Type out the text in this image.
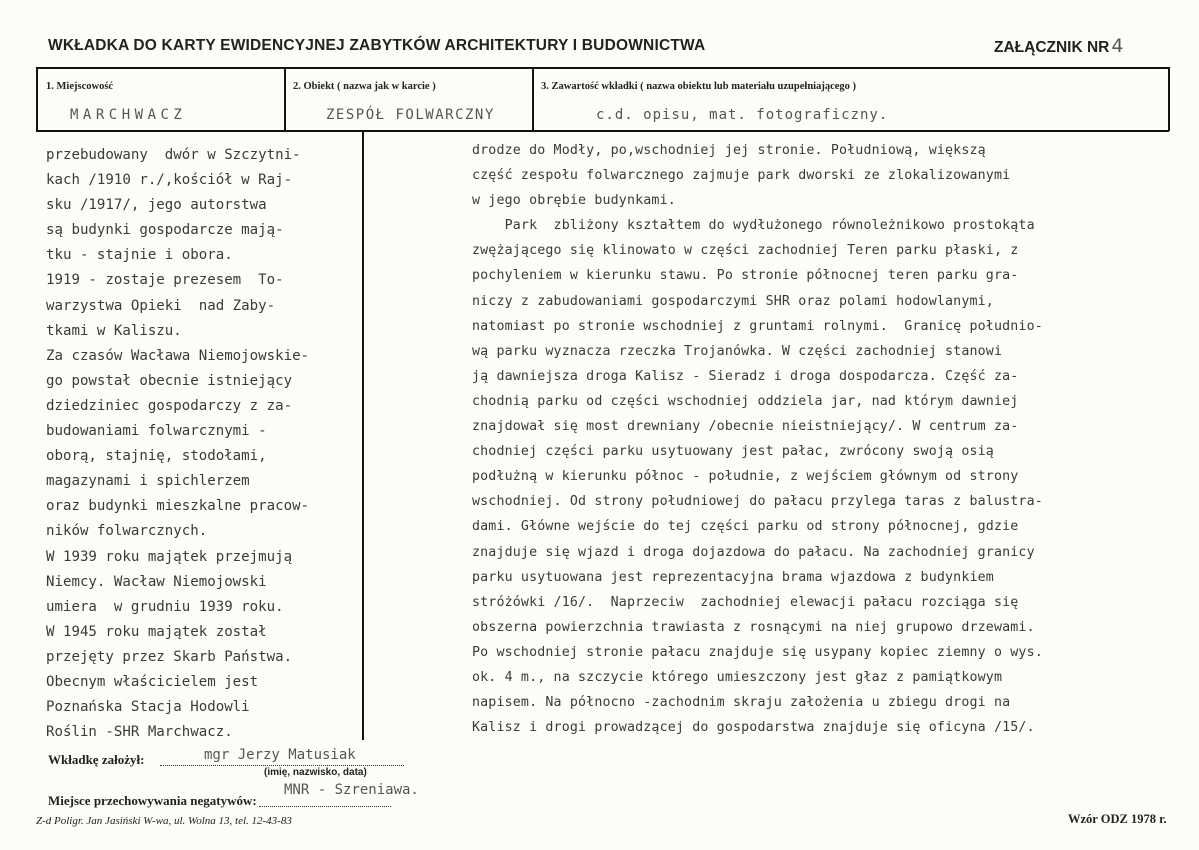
WKŁADKA DO KARTY EWIDENCYJNEJ ZABYTKÓW ARCHITEKTURY I BUDOWNICTWA	ZAŁĄCZNIK NR 4
1. Miejscowość	2. Obiekt ( nazwa jak w karcie )	3. Zawartość wkładki ( nazwa obiektu lub materiału uzupełniającego )
MARCHWACZ	ZESPÓŁ FOLWARCZNY	c.d. opisu, mat. fotograficzny.
przebudowany  dwór w Szczytni-
kach /1910 r./,kościół w Raj-
sku /1917/, jego autorstwa
są budynki gospodarcze mają-
tku - stajnie i obora.
1919 - zostaje prezesem  To-
warzystwa Opieki  nad Zaby-
tkami w Kaliszu.
Za czasów Wacława Niemojowskie-
go powstał obecnie istniejący
dziedziniec gospodarczy z za-
budowaniami folwarcznymi -
oborą, stajnię, stodołami,
magazynami i spichlerzem
oraz budynki mieszkalne pracow-
ników folwarcznych.
W 1939 roku majątek przejmują
Niemcy. Wacław Niemojowski
umiera  w grudniu 1939 roku.
W 1945 roku majątek został
przejęty przez Skarb Państwa.
Obecnym właścicielem jest
Poznańska Stacja Hodowli
Roślin -SHR Marchwacz.
drodze do Modły, po,wschodniej jej stronie. Południową, większą
część zespołu folwarcznego zajmuje park dworski ze zlokalizowanymi
w jego obrębie budynkami.
Park  zbliżony kształtem do wydłużonego równoleżnikowo prostokąta
zwężającego się klinowato w części zachodniej Teren parku płaski, z
pochyleniem w kierunku stawu. Po stronie północnej teren parku gra-
niczy z zabudowaniami gospodarczymi SHR oraz polami hodowlanymi,
natomiast po stronie wschodniej z gruntami rolnymi.  Granicę południo-
wą parku wyznacza rzeczka Trojanówka. W części zachodniej stanowi
ją dawniejsza droga Kalisz - Sieradz i droga dospodarcza. Część za-
chodnią parku od części wschodniej oddziela jar, nad którym dawniej
znajdował się most drewniany /obecnie nieistniejący/. W centrum za-
chodniej części parku usytuowany jest pałac, zwrócony swoją osią
podłużną w kierunku północ - południe, z wejściem głównym od strony
wschodniej. Od strony południowej do pałacu przylega taras z balustra-
dami. Główne wejście do tej części parku od strony północnej, gdzie
znajduje się wjazd i droga dojazdowa do pałacu. Na zachodniej granicy
parku usytuowana jest reprezentacyjna brama wjazdowa z budynkiem
stróżówki /16/.  Naprzeciw  zachodniej elewacji pałacu rozciąga się
obszerna powierzchnia trawiasta z rosnącymi na niej grupowo drzewami.
Po wschodniej stronie pałacu znajduje się usypany kopiec ziemny o wys.
ok. 4 m., na szczycie którego umieszczony jest głaz z pamiątkowym
napisem. Na północno -zachodnim skraju założenia u zbiegu drogi na
Kalisz i drogi prowadzącej do gospodarstwa znajduje się oficyna /15/.
Wkładkę założył:	mgr Jerzy Matusiak
(imię, nazwisko, data)
Miejsce przechowywania negatywów:
MNR - Szreniawa.
Z-d Poligr. Jan Jasiński W-wa, ul. Wolna 13, tel. 12-43-83	Wzór ODZ 1978 r.
